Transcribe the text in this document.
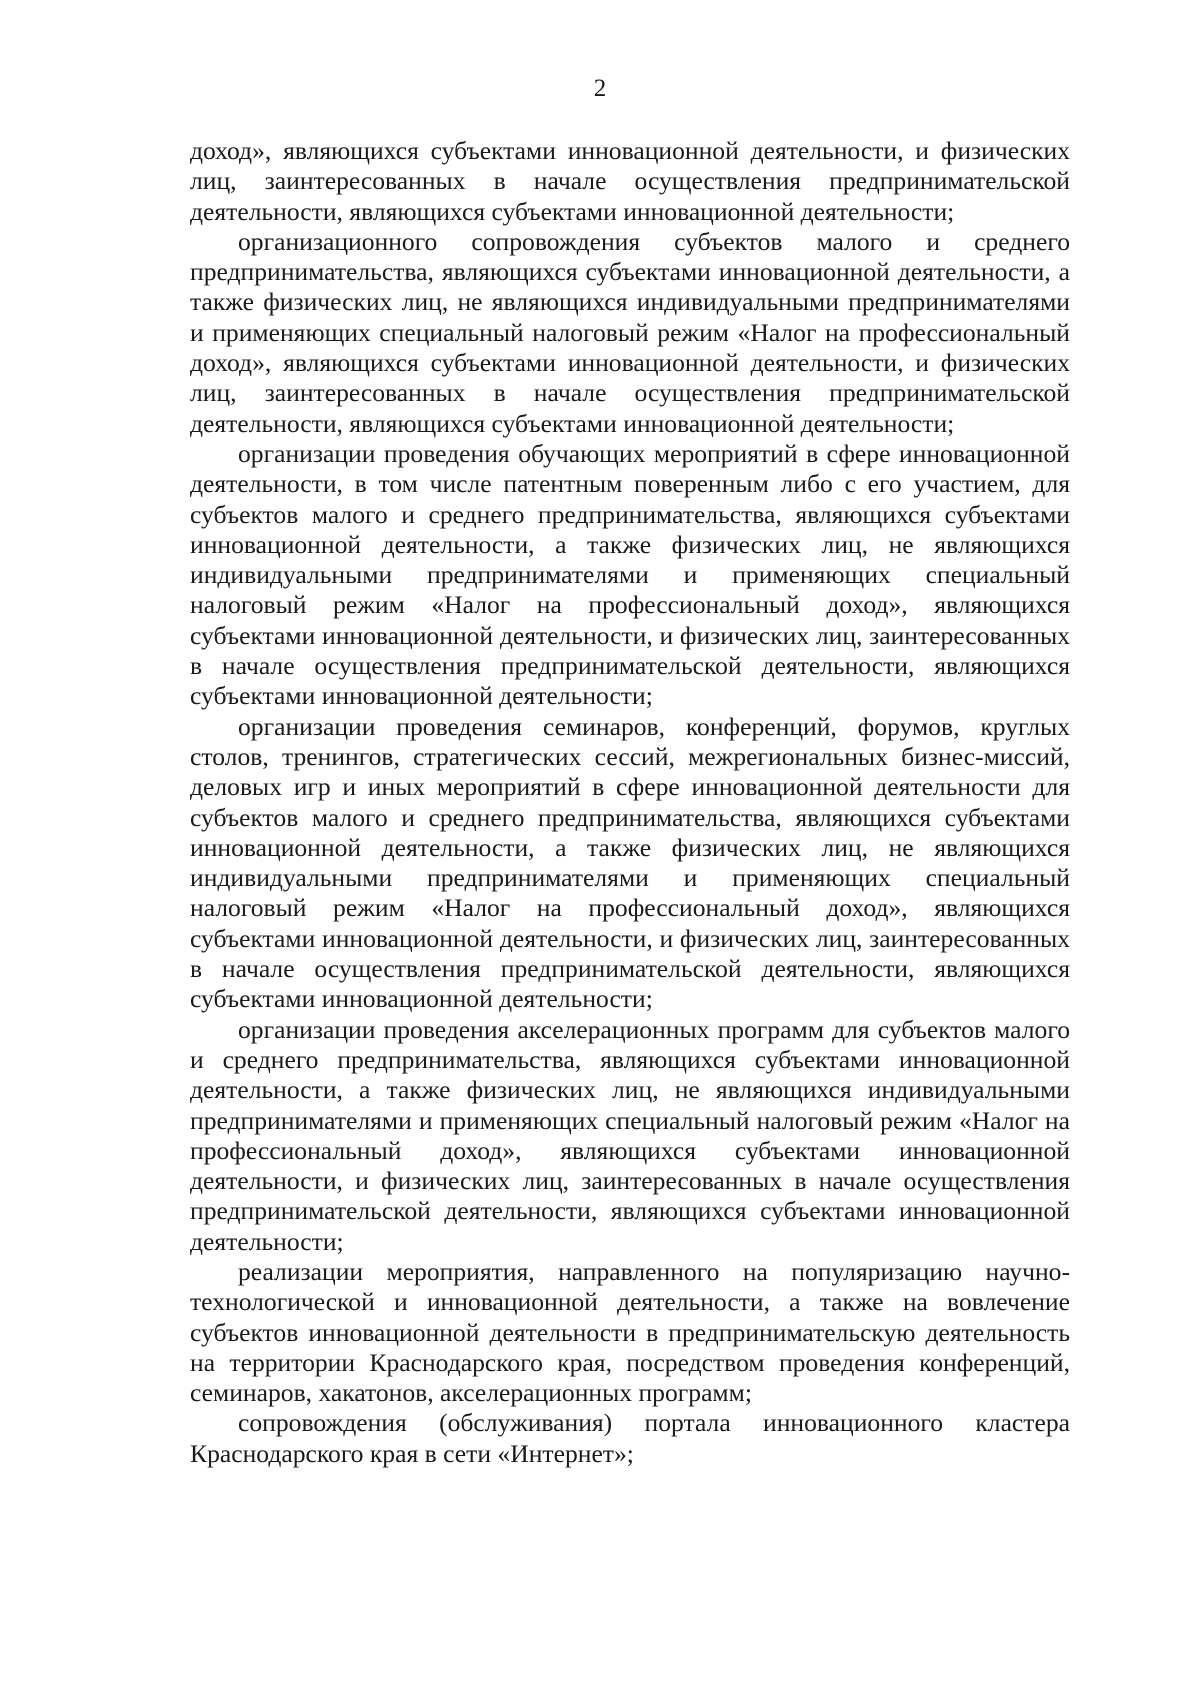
2

доход», являющихся субъектами инновационной деятельности, и физических лиц, заинтересованных в начале осуществления предпринимательской деятельности, являющихся субъектами инновационной деятельности;

организационного сопровождения субъектов малого и среднего предпринимательства, являющихся субъектами инновационной деятельности, а также физических лиц, не являющихся индивидуальными предпринимателями и применяющих специальный налоговый режим «Налог на профессиональный доход», являющихся субъектами инновационной деятельности, и физических лиц, заинтересованных в начале осуществления предпринимательской деятельности, являющихся субъектами инновационной деятельности;

организации проведения обучающих мероприятий в сфере инновационной деятельности, в том числе патентным поверенным либо с его участием, для субъектов малого и среднего предпринимательства, являющихся субъектами инновационной деятельности, а также физических лиц, не являющихся индивидуальными предпринимателями и применяющих специальный налоговый режим «Налог на профессиональный доход», являющихся субъектами инновационной деятельности, и физических лиц, заинтересованных в начале осуществления предпринимательской деятельности, являющихся субъектами инновационной деятельности;

организации проведения семинаров, конференций, форумов, круглых столов, тренингов, стратегических сессий, межрегиональных бизнес-миссий, деловых игр и иных мероприятий в сфере инновационной деятельности для субъектов малого и среднего предпринимательства, являющихся субъектами инновационной деятельности, а также физических лиц, не являющихся индивидуальными предпринимателями и применяющих специальный налоговый режим «Налог на профессиональный доход», являющихся субъектами инновационной деятельности, и физических лиц, заинтересованных в начале осуществления предпринимательской деятельности, являющихся субъектами инновационной деятельности;

организации проведения акселерационных программ для субъектов малого и среднего предпринимательства, являющихся субъектами инновационной деятельности, а также физических лиц, не являющихся индивидуальными предпринимателями и применяющих специальный налоговый режим «Налог на профессиональный доход», являющихся субъектами инновационной деятельности, и физических лиц, заинтересованных в начале осуществления предпринимательской деятельности, являющихся субъектами инновационной деятельности;

реализации мероприятия, направленного на популяризацию научно-технологической и инновационной деятельности, а также на вовлечение субъектов инновационной деятельности в предпринимательскую деятельность на территории Краснодарского края, посредством проведения конференций, семинаров, хакатонов, акселерационных программ;

сопровождения (обслуживания) портала инновационного кластера Краснодарского края в сети «Интернет»;
